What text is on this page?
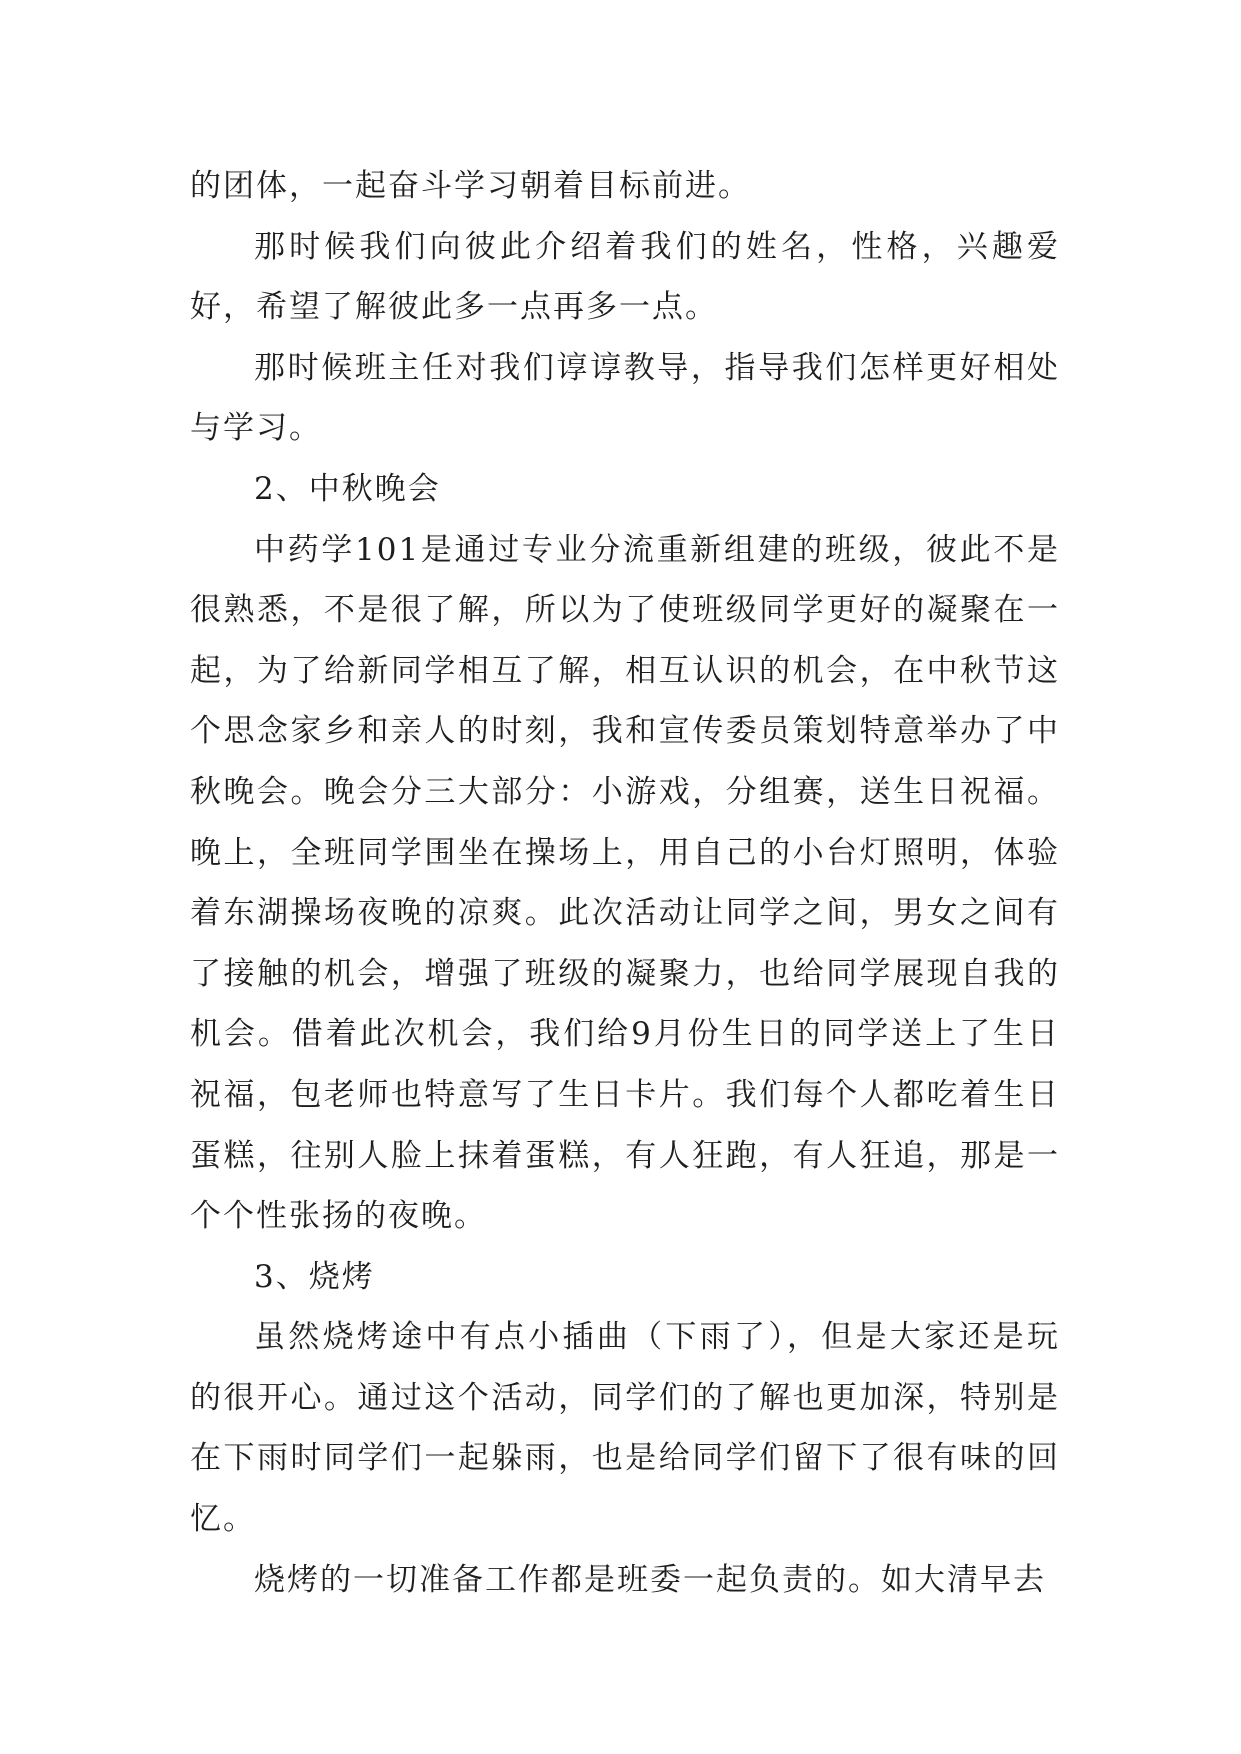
的团体，一起奋斗学习朝着目标前进。

那时候我们向彼此介绍着我们的姓名，性格，兴趣爱好，希望了解彼此多一点再多一点。

那时候班主任对我们谆谆教导，指导我们怎样更好相处与学习。

2、中秋晚会

中药学101是通过专业分流重新组建的班级，彼此不是很熟悉，不是很了解，所以为了使班级同学更好的凝聚在一起，为了给新同学相互了解，相互认识的机会，在中秋节这个思念家乡和亲人的时刻，我和宣传委员策划特意举办了中秋晚会。晚会分三大部分：小游戏，分组赛，送生日祝福。晚上，全班同学围坐在操场上，用自己的小台灯照明，体验着东湖操场夜晚的凉爽。此次活动让同学之间，男女之间有了接触的机会，增强了班级的凝聚力，也给同学展现自我的机会。借着此次机会，我们给9月份生日的同学送上了生日祝福，包老师也特意写了生日卡片。我们每个人都吃着生日蛋糕，往别人脸上抹着蛋糕，有人狂跑，有人狂追，那是一个个性张扬的夜晚。

3、烧烤

虽然烧烤途中有点小插曲（下雨了），但是大家还是玩的很开心。通过这个活动，同学们的了解也更加深，特别是在下雨时同学们一起躲雨，也是给同学们留下了很有味的回忆。

烧烤的一切准备工作都是班委一起负责的。如大清早去
